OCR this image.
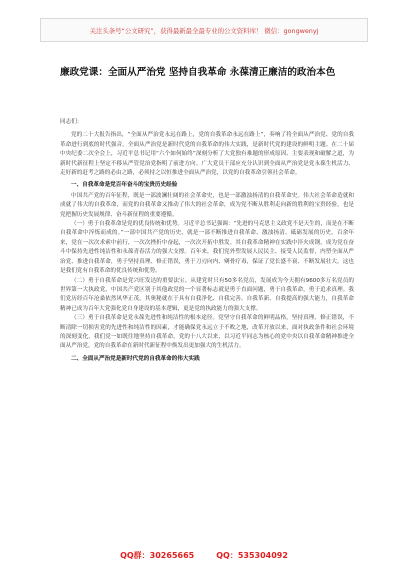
关注头条号“公文研究”，获得最新最全最专业的公文资料库！ 微信：gongwenyj
廉政党课：全面从严治党 坚持自我革命 永葆清正廉洁的政治本色
同志们：
党的二十大报告指出，“全面从严治党永远在路上，党的自我革命永远在路上”，奏响了将全面从严治党、党的自我革命进行到底的时代强音。全面从严治党是新时代党的自我革命的伟大实践，是新时代党的建设的鲜明主题。在二十届中央纪委二次全会上，习近平总书记用“六个如何始终”深刻分析了大党独有难题的形成原因、主要表现和破解之道，为新时代新征程上坚定不移从严管党治党指明了前进方向。广大党员干部应充分认识到全面从严治党是党永葆生机活力、走好新的赶考之路的必由之路，必须持之以恒推进全面从严治党，以党的自我革命引领社会革命。
一、自我革命是党百年奋斗的宝贵历史经验
中国共产党的百年征程，既是一部波澜壮阔的社会革命史，也是一部激浊扬清的自我革命史。伟大社会革命造就和成就了伟大的自我革命，而党的自我革命又推动了伟大的社会革命，成为党不断从胜利走向新的胜利的宝贵经验，也是党把握历史发展规律、奋斗新征程的重要遵循。
（一）勇于自我革命是党的优良传统和优势。习近平总书记强调：“先进的马克思主义政党不是天生的，而是在不断自我革命中淬炼而成的。”一部中国共产党的历史，就是一部不断推进自我革命、激浊扬清、砥砺发展的历史，百余年来，党在一次次求索中前行，一次次挫折中奋起，一次次开拓中胜发。其自我革命精神在实践中淬火成钢，成为党在奋斗中保持先进性纯洁性和永葆青春活力的强大支撑。百年来，我们党外塑发展人民民主、接受人民监督，内塑全面从严治党、推进自我革命，勇于坚持真理、修正错误，勇于刀刃向内、剜骨疗毒，保证了党长盛不衰、不断发展壮大。这也是我们党有自我革命的优良传统和优势。
（二）勇于自我革命是党兴旺发达的重要法宝。从建党时只有50多名党员，发展成为今天拥有9600多万名党员的世界第一大执政党，中国共产党区别于其他政党的一个显著标志就是勇于直面问题，勇于自我革命，勇于追求真理。我们党历经百年沧桑依然风华正茂，其奥秘就在于具有自我净化、自我完善、自我革新、自我提高的强大能力，自我革命精神已成为百年大党强化党自身建设的基本逻辑，更是党的执政能力的强大支撑。
（三）勇于自我革命是党永葆先进性和纯洁性的根本途径。党坚守自我革命的鲜明品格，坚持真理、修正错误，不断清除一切损害党的先进性和纯洁性的因素，才能确保党永远立于不败之地，改革开放以来，面对执政条件和社会环境的深刻变化，我们党一如既往地坚持自我革命。党的十八大以来，以习近平同志为核心的党中央以自我革命精神推进全面从严治党，党的自我革命在新时代新征程中焕发出更加强大的生机活力。
二、全面从严治党是新时代党的自我革命的伟大实践
QQ群：30265665	QQ：535304092
